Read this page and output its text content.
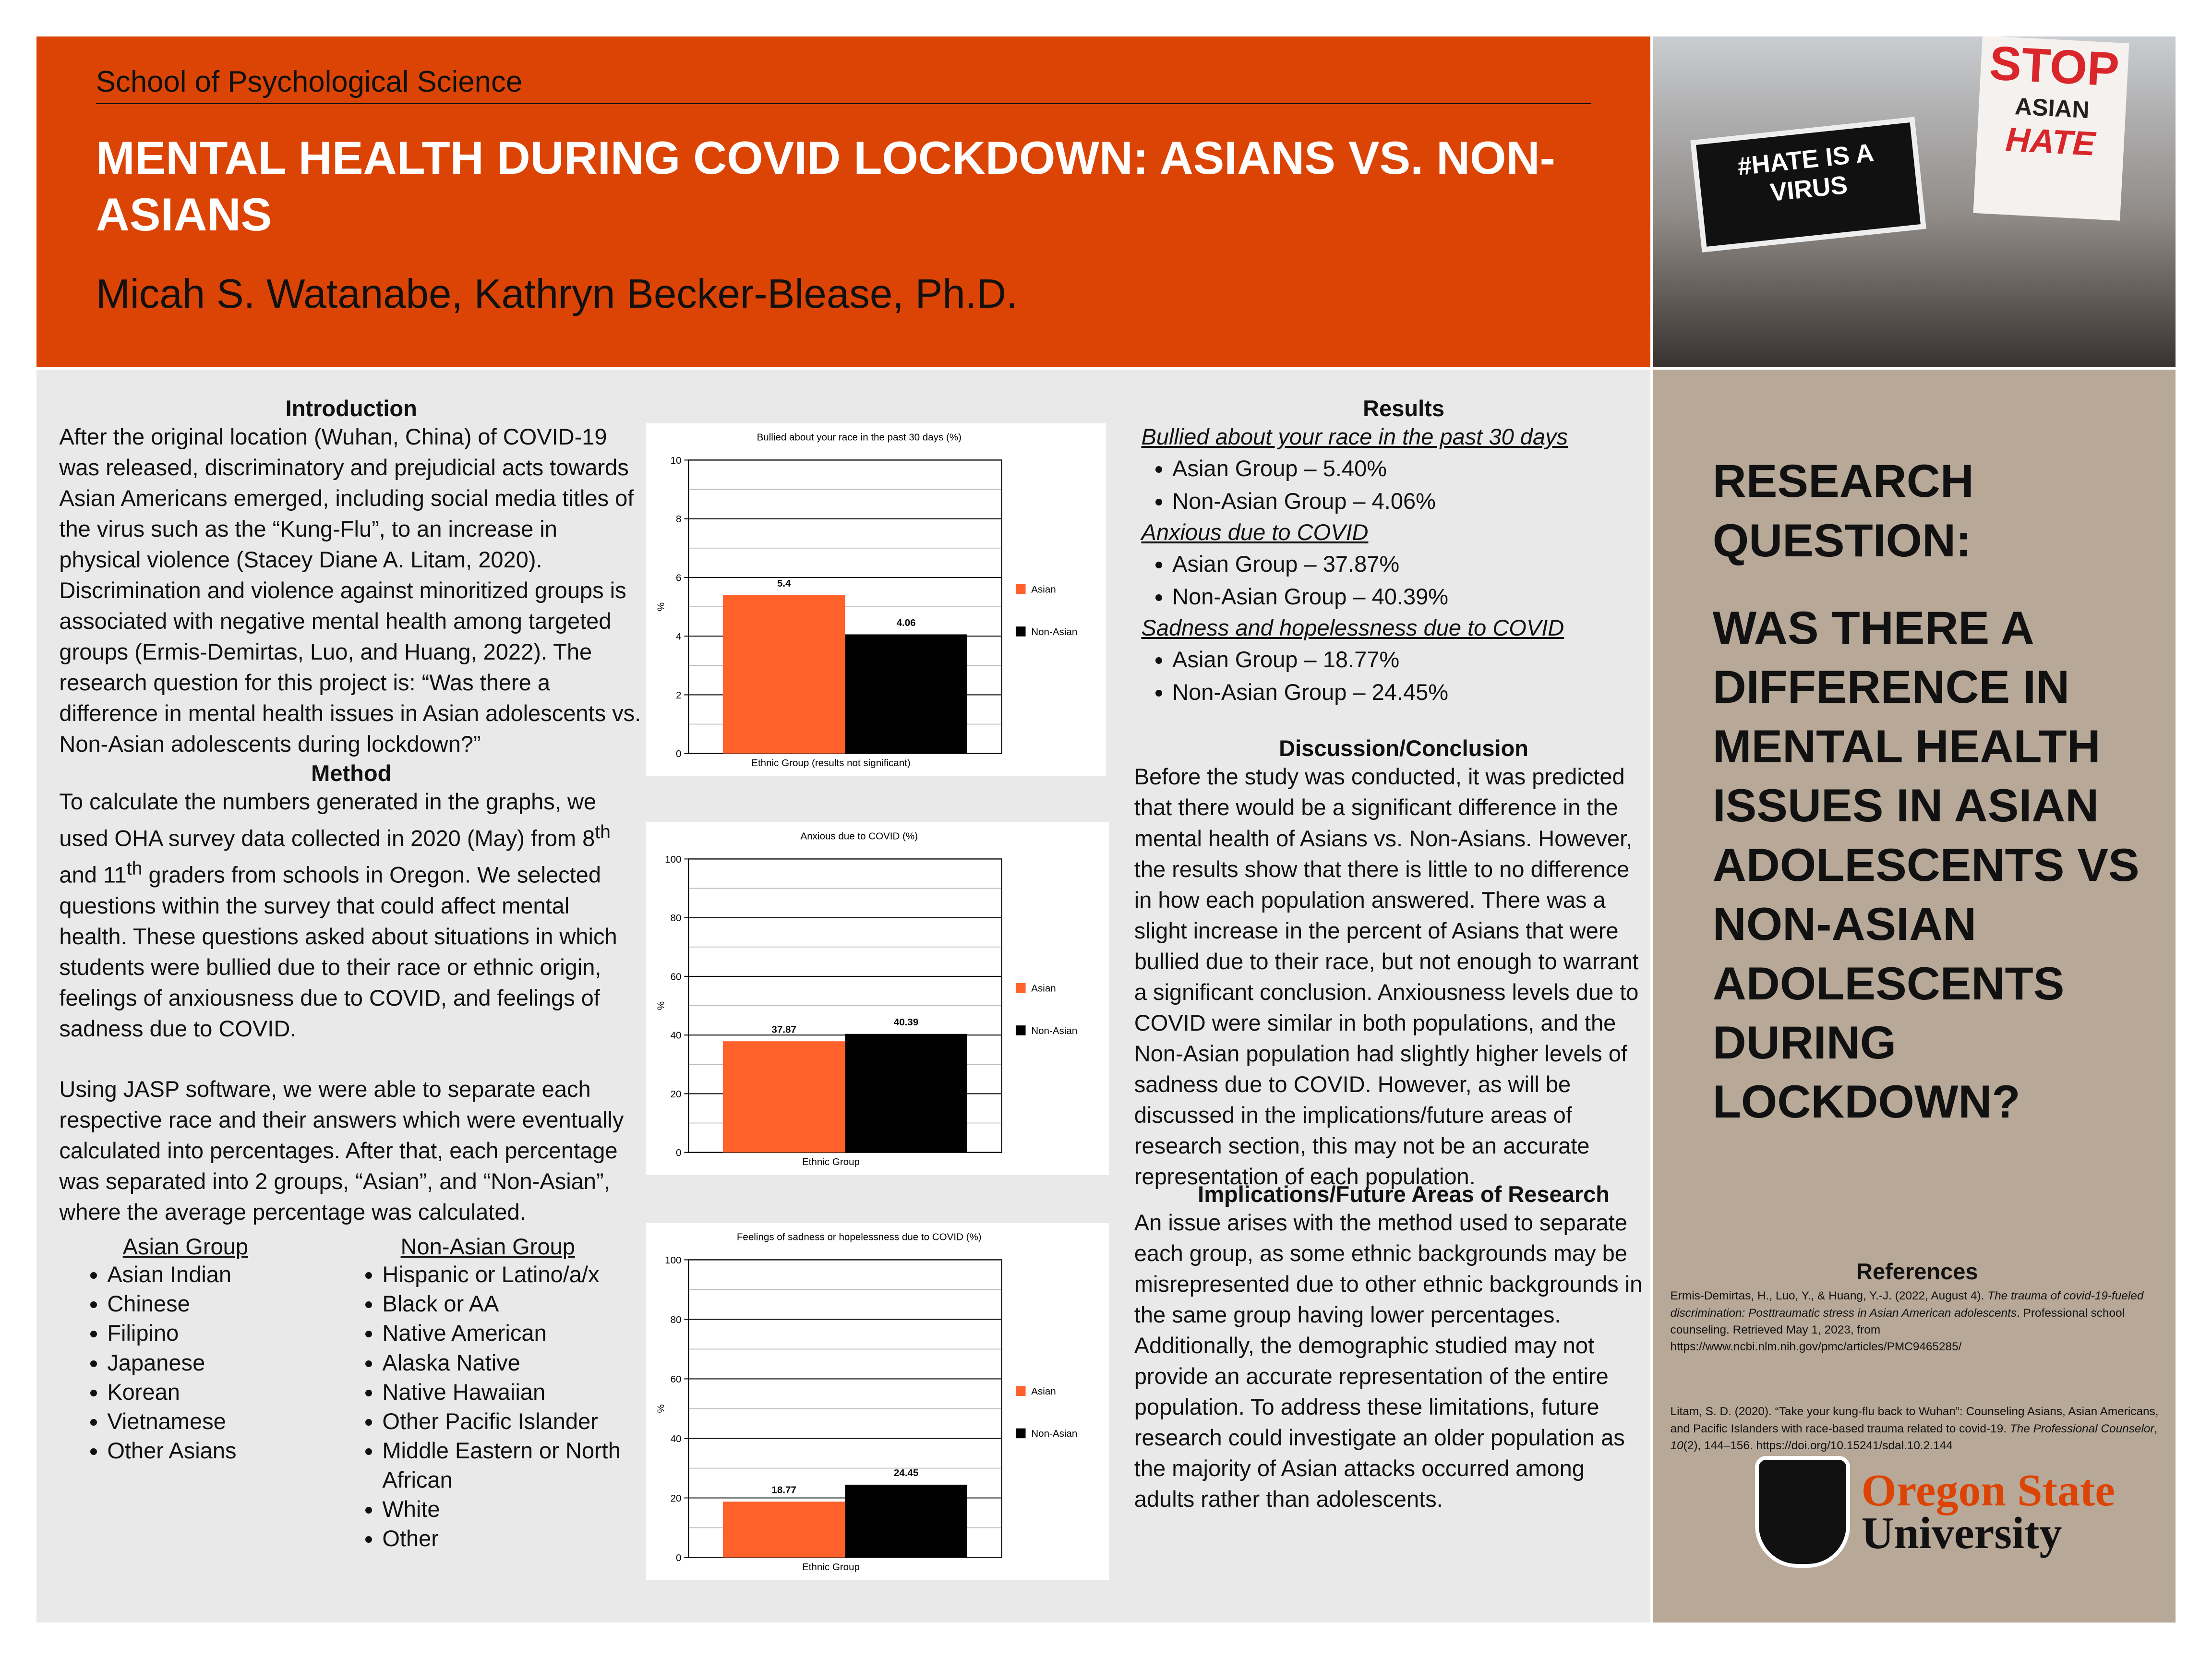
School of Psychological Science
MENTAL HEALTH DURING COVID LOCKDOWN: ASIANS VS. NON-ASIANS
Micah S. Watanabe, Kathryn Becker-Blease, Ph.D.
#HATE IS A VIRUS
STOP
ASIAN
HATE
Introduction
After the original location (Wuhan, China) of COVID-19 was released, discriminatory and prejudicial acts towards Asian Americans emerged, including social media titles of the virus such as the “Kung-Flu”, to an increase in physical violence (Stacey Diane A. Litam, 2020). Discrimination and violence against minoritized groups is associated with negative mental health among targeted groups (Ermis-Demirtas, Luo, and Huang, 2022). The research question for this project is: “Was there a difference in mental health issues in Asian adolescents vs. Non-Asian adolescents during lockdown?”
Method
To calculate the numbers generated in the graphs, we used OHA survey data collected in 2020 (May) from 8th and 11th graders from schools in Oregon. We selected questions within the survey that could affect mental health. These questions asked about situations in which students were bullied due to their race or ethnic origin, feelings of anxiousness due to COVID, and feelings of sadness due to COVID.
Using JASP software, we were able to separate each respective race and their answers which were eventually calculated into percentages. After that, each percentage was separated into 2 groups, “Asian”, and “Non-Asian”, where the average percentage was calculated.
Asian Group
• Asian Indian
• Chinese
• Filipino
• Japanese
• Korean
• Vietnamese
• Other Asians
Non-Asian Group
• Hispanic or Latino/a/x
• Black or AA
• Native American
• Alaska Native
• Native Hawaiian
• Other Pacific Islander
• Middle Eastern or North African
• White
• Other
Bullied about your race in the past 30 days (%)
0
2
4
6
8
10
5.4
4.06
Ethnic Group (results not significant)
%
Asian
Non-Asian
Anxious due to COVID (%)
0
20
40
60
80
100
37.87
40.39
Ethnic Group
%
Asian
Non-Asian
Feelings of sadness or hopelessness due to COVID (%)
0
20
40
60
80
100
18.77
24.45
Ethnic Group
%
Asian
Non-Asian
Results
Bullied about your race in the past 30 days
• Asian Group – 5.40%
• Non-Asian Group – 4.06%
Anxious due to COVID
• Asian Group – 37.87%
• Non-Asian Group – 40.39%
Sadness and hopelessness due to COVID
• Asian Group – 18.77%
• Non-Asian Group – 24.45%
Discussion/Conclusion
Before the study was conducted, it was predicted that there would be a significant difference in the mental health of Asians vs. Non-Asians. However, the results show that there is little to no difference in how each population answered. There was a slight increase in the percent of Asians that were bullied due to their race, but not enough to warrant a significant conclusion. Anxiousness levels due to COVID were similar in both populations, and the Non-Asian population had slightly higher levels of sadness due to COVID. However, as will be discussed in the implications/future areas of research section, this may not be an accurate representation of each population.
Implications/Future Areas of Research
An issue arises with the method used to separate each group, as some ethnic backgrounds may be misrepresented due to other ethnic backgrounds in the same group having lower percentages. Additionally, the demographic studied may not provide an accurate representation of the entire population. To address these limitations, future research could investigate an older population as the majority of Asian attacks occurred among adults rather than adolescents.
RESEARCH QUESTION:
WAS THERE A DIFFERENCE IN MENTAL HEALTH ISSUES IN ASIAN ADOLESCENTS VS NON-ASIAN ADOLESCENTS DURING LOCKDOWN?
References
Ermis-Demirtas, H., Luo, Y., & Huang, Y.-J. (2022, August 4). The trauma of covid-19-fueled discrimination: Posttraumatic stress in Asian American adolescents. Professional school counseling. Retrieved May 1, 2023, from https://www.ncbi.nlm.nih.gov/pmc/articles/PMC9465285/
Litam, S. D. (2020). “Take your kung-flu back to Wuhan”: Counseling Asians, Asian Americans, and Pacific Islanders with race-based trauma related to covid-19. The Professional Counselor, 10(2), 144–156. https://doi.org/10.15241/sdal.10.2.144
Oregon State
University
